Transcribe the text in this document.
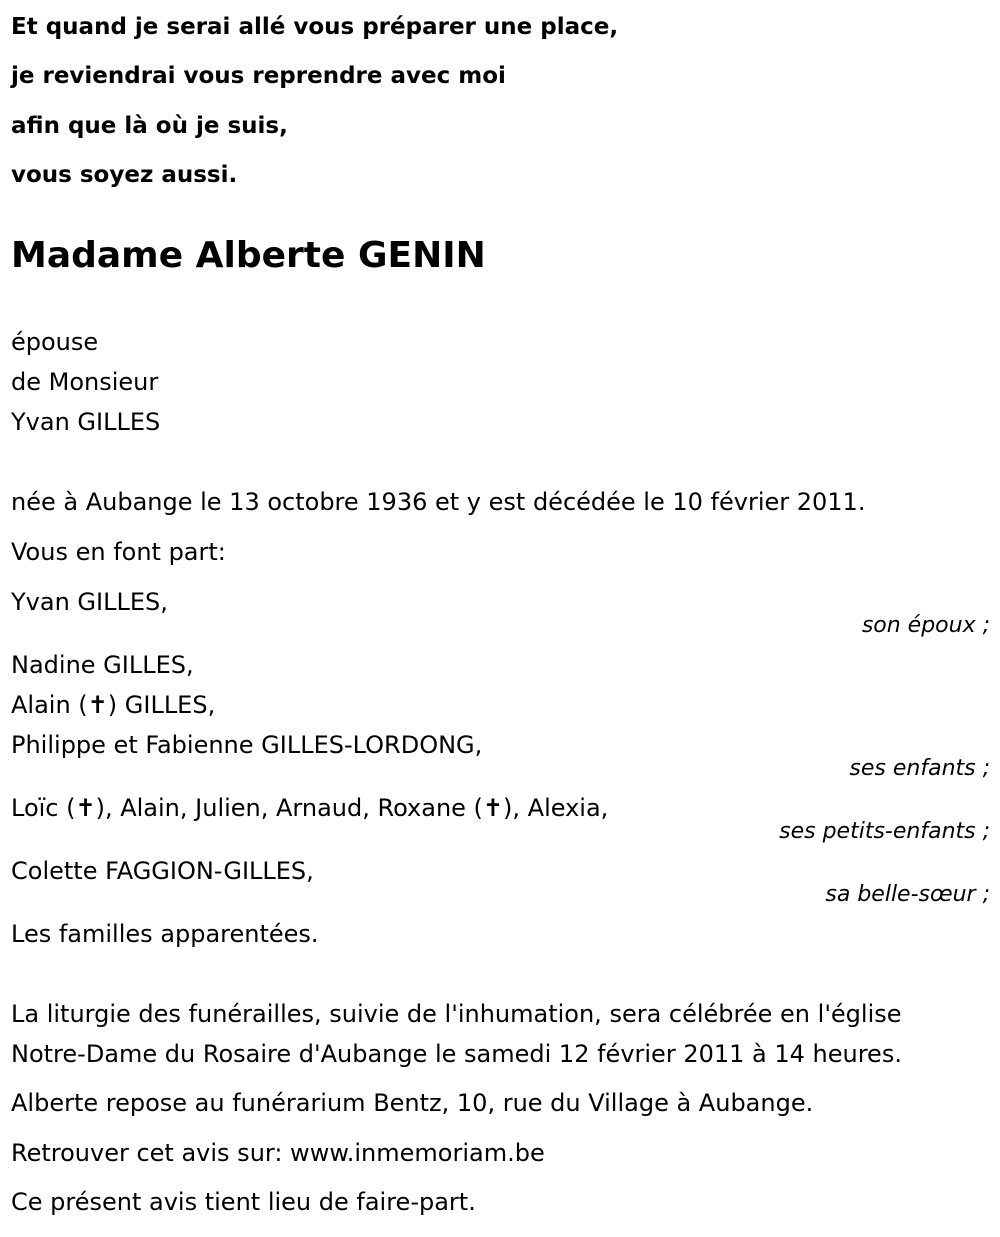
Et quand je serai allé vous préparer une place,
je reviendrai vous reprendre avec moi
afin que là où je suis,
vous soyez aussi.
Madame Alberte GENIN
épouse
de Monsieur
Yvan GILLES
née à Aubange le 13 octobre 1936 et y est décédée le 10 février 2011.
Vous en font part:
Yvan GILLES,
son époux ;
Nadine GILLES,
Alain (✝) GILLES,
Philippe et Fabienne GILLES-LORDONG,
ses enfants ;
Loïc (✝), Alain, Julien, Arnaud, Roxane (✝), Alexia,
ses petits-enfants ;
Colette FAGGION-GILLES,
sa belle-sœur ;
Les familles apparentées.
La liturgie des funérailles, suivie de l'inhumation, sera célébrée en l'église
Notre-Dame du Rosaire d'Aubange le samedi 12 février 2011 à 14 heures.
Alberte repose au funérarium Bentz, 10, rue du Village à Aubange.
Retrouver cet avis sur: www.inmemoriam.be
Ce présent avis tient lieu de faire-part.
